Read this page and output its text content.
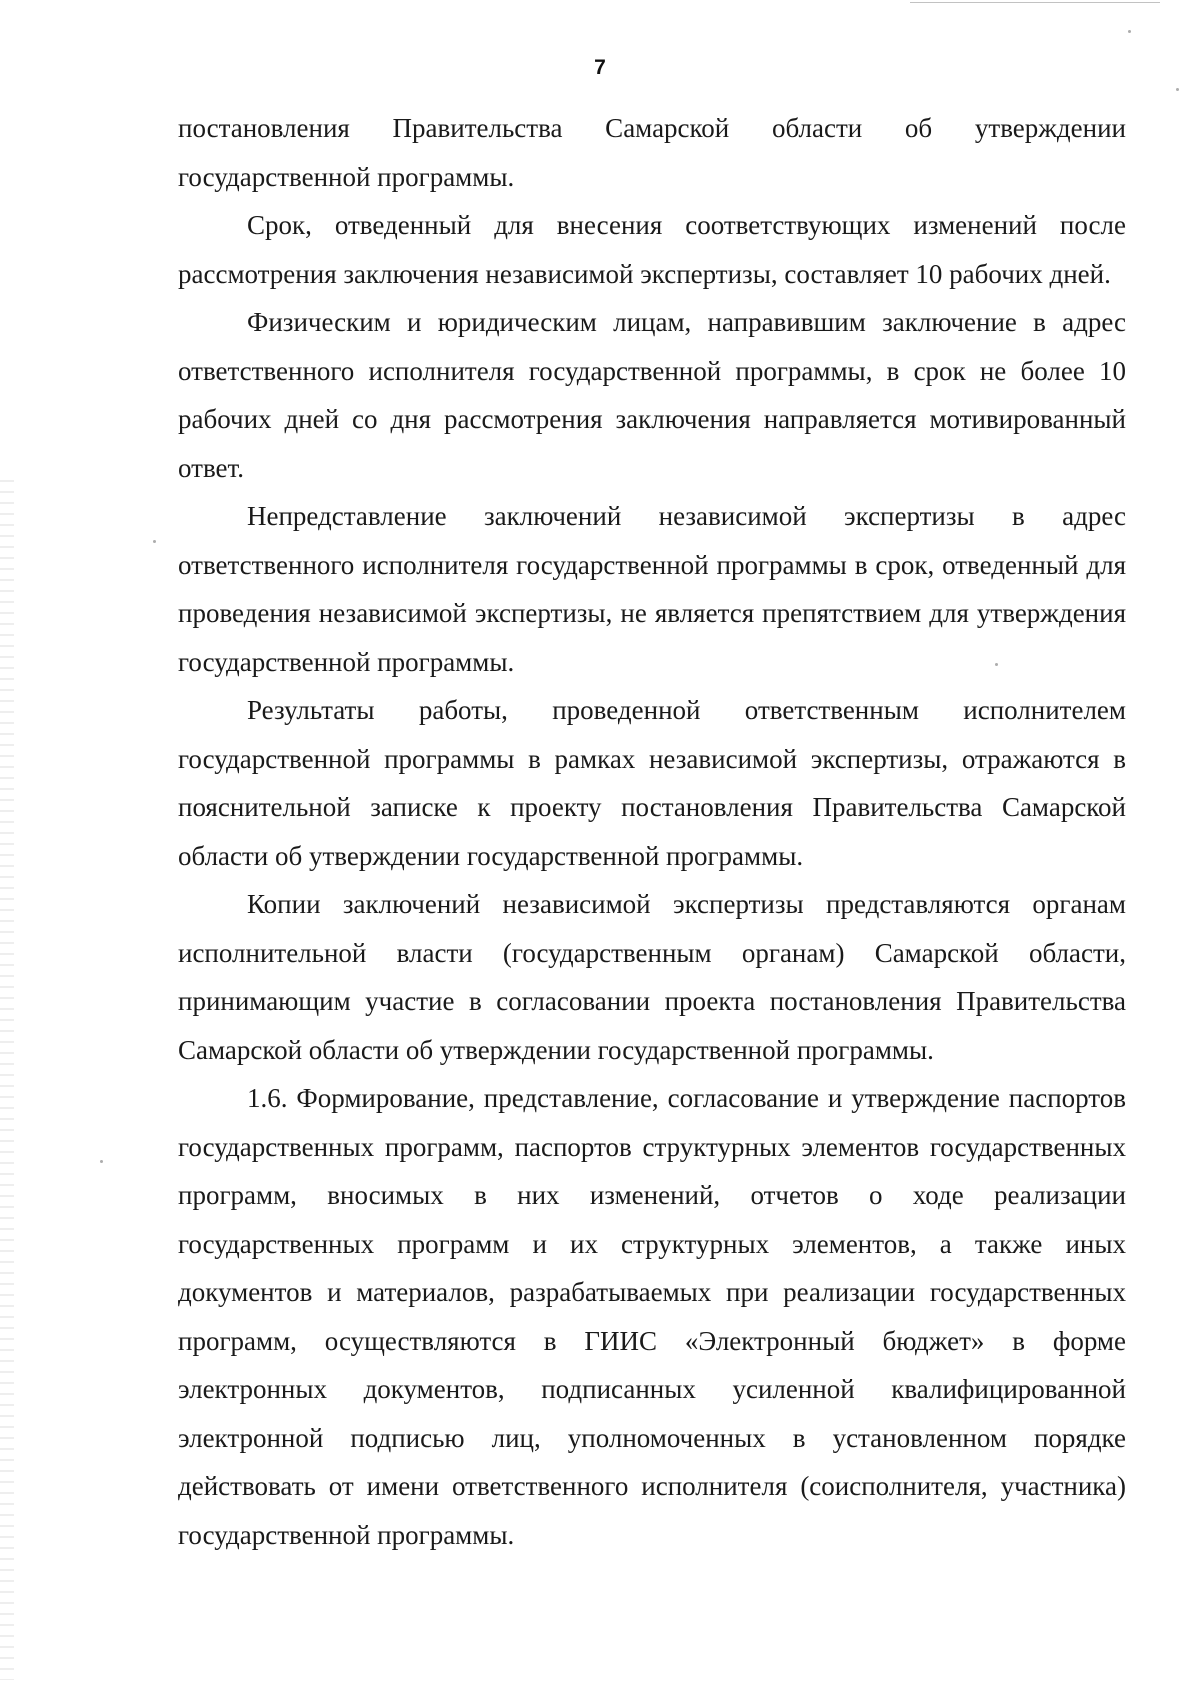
7

постановления Правительства Самарской области об утверждении государственной программы.

Срок, отведенный для внесения соответствующих изменений после рассмотрения заключения независимой экспертизы, составляет 10 рабочих дней.

Физическим и юридическим лицам, направившим заключение в адрес ответственного исполнителя государственной программы, в срок не более 10 рабочих дней со дня рассмотрения заключения направляется мотивированный ответ.

Непредставление заключений независимой экспертизы в адрес ответственного исполнителя государственной программы в срок, отведенный для проведения независимой экспертизы, не является препятствием для утверждения государственной программы.

Результаты работы, проведенной ответственным исполнителем государственной программы в рамках независимой экспертизы, отражаются в пояснительной записке к проекту постановления Правительства Самарской области об утверждении государственной программы.

Копии заключений независимой экспертизы представляются органам исполнительной власти (государственным органам) Самарской области, принимающим участие в согласовании проекта постановления Правительства Самарской области об утверждении государственной программы.

1.6. Формирование, представление, согласование и утверждение паспортов государственных программ, паспортов структурных элементов государственных программ, вносимых в них изменений, отчетов о ходе реализации государственных программ и их структурных элементов, а также иных документов и материалов, разрабатываемых при реализации государственных программ, осуществляются в ГИИС «Электронный бюджет» в форме электронных документов, подписанных усиленной квалифицированной электронной подписью лиц, уполномоченных в установленном порядке действовать от имени ответственного исполнителя (соисполнителя, участника) государственной программы.
